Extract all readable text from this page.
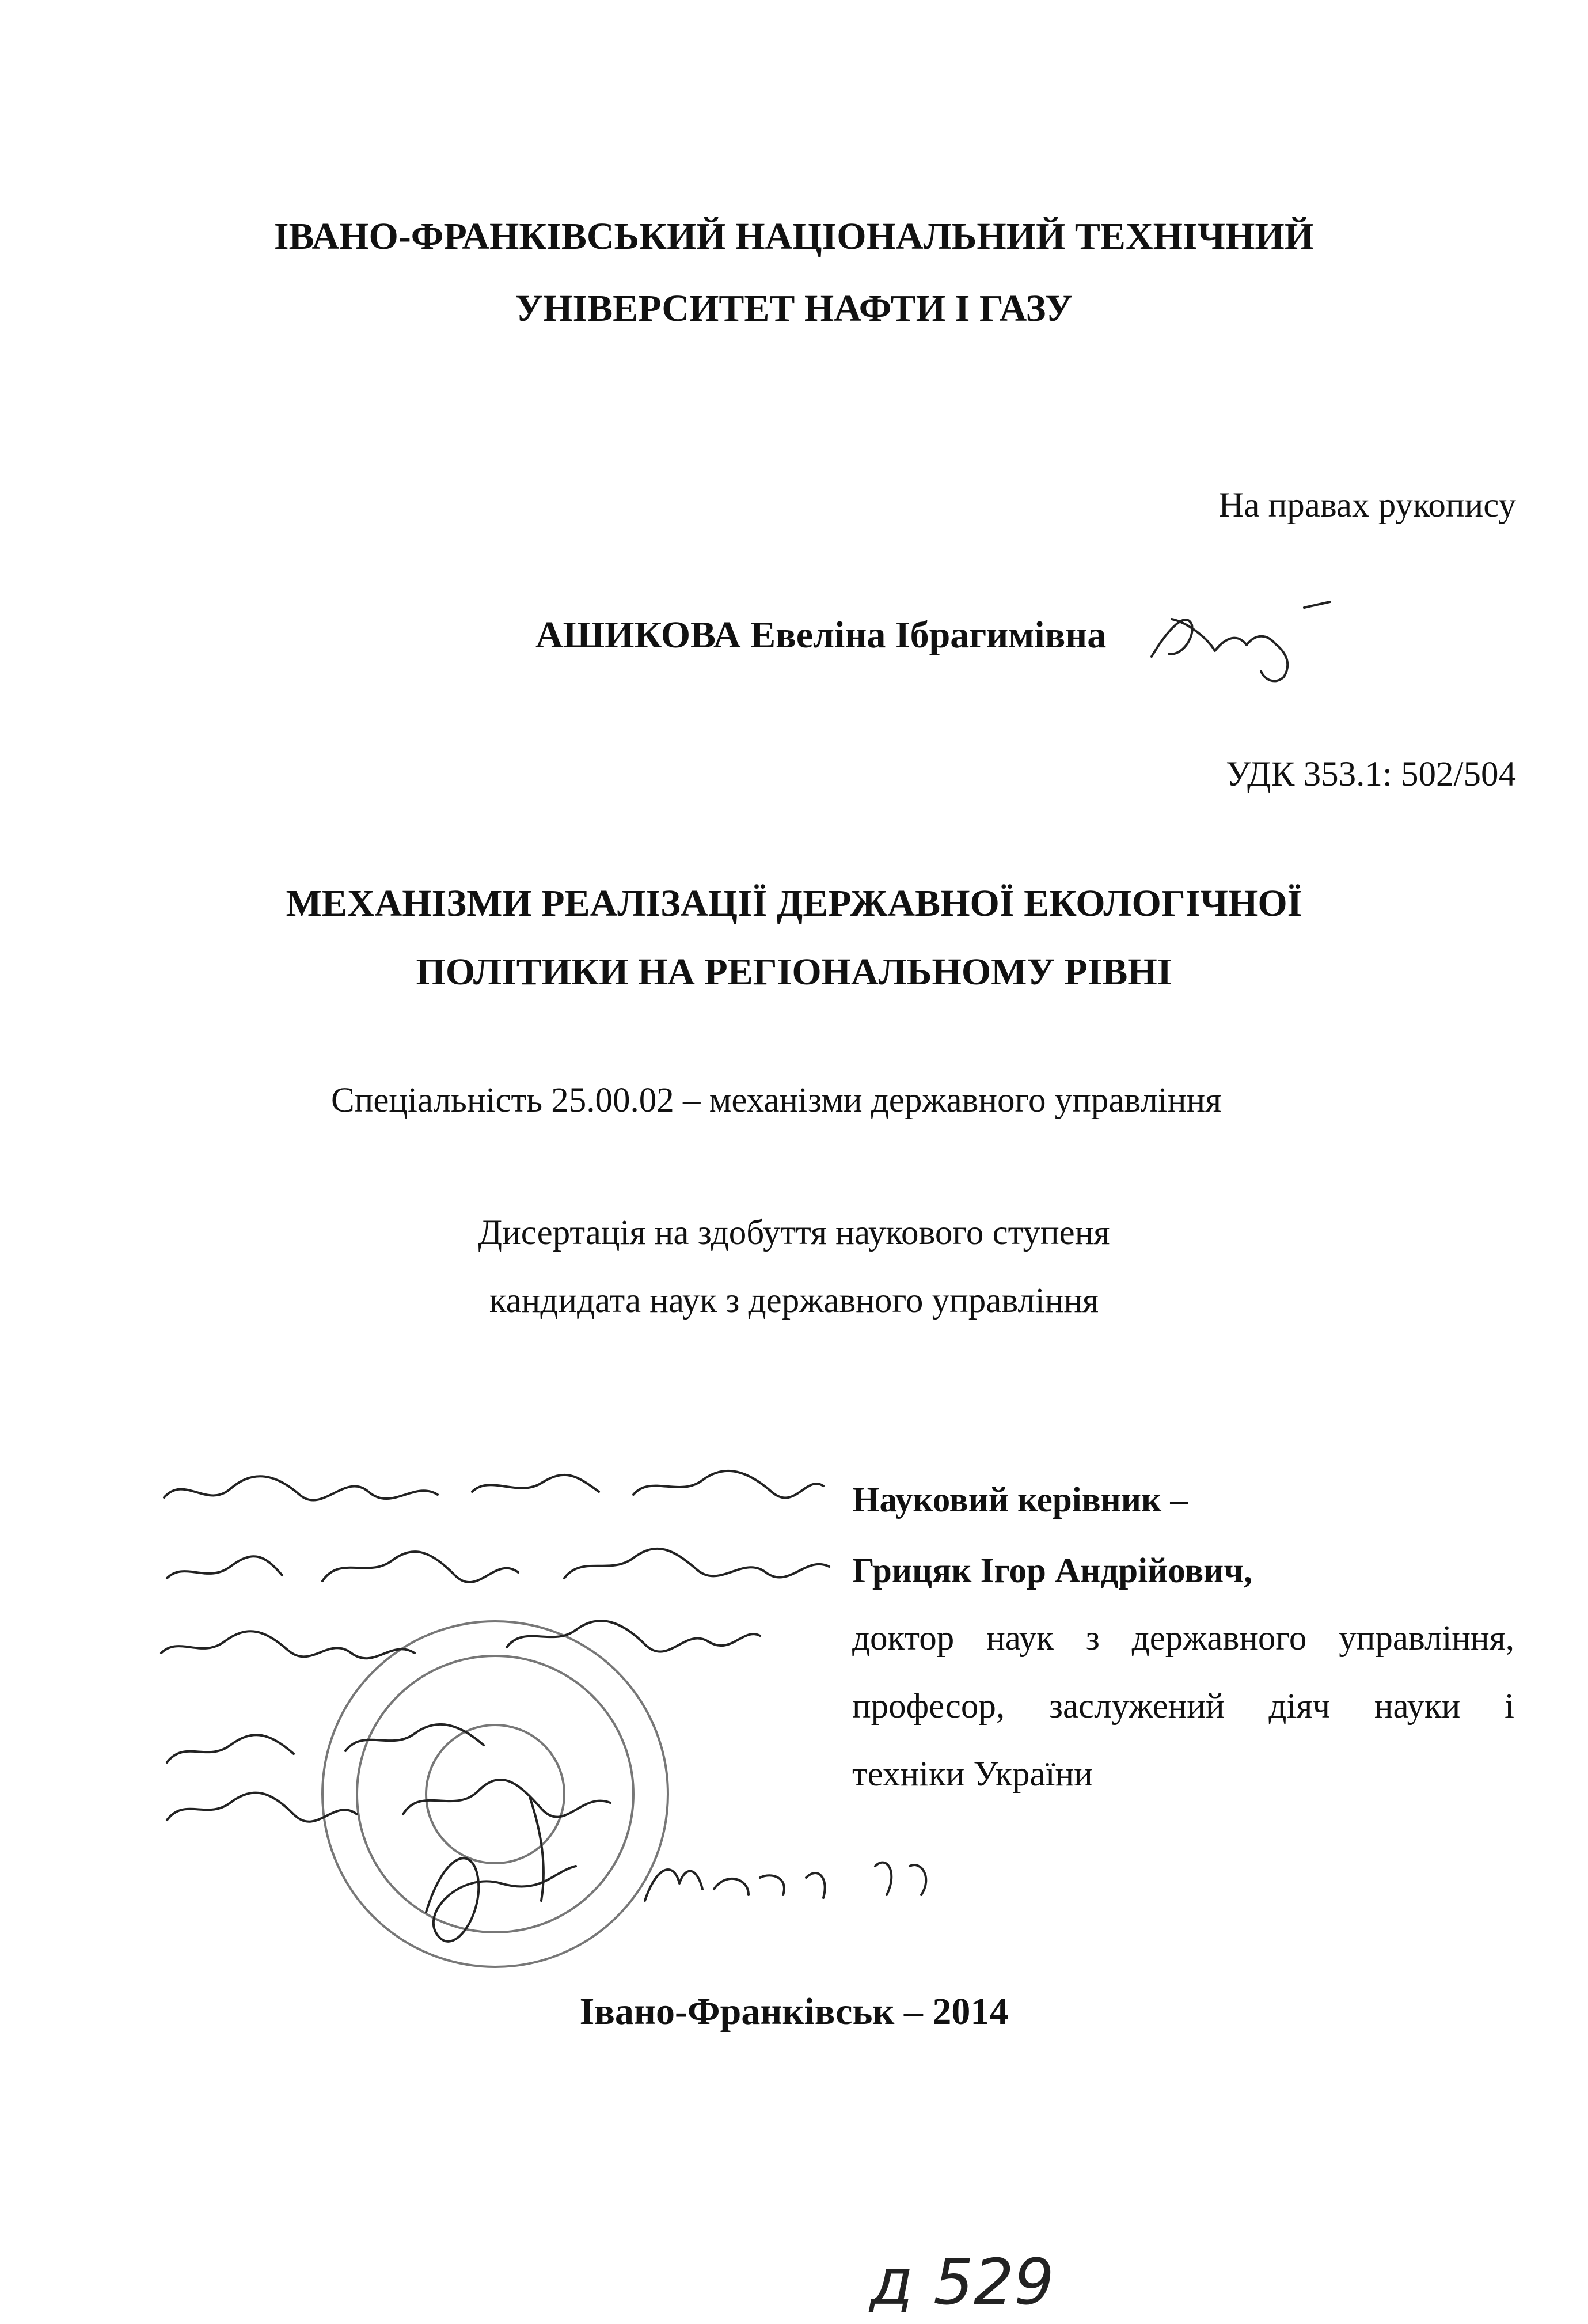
ІВАНО-ФРАНКІВСЬКИЙ НАЦІОНАЛЬНИЙ ТЕХНІЧНИЙ
УНІВЕРСИТЕТ НАФТИ І ГАЗУ
На правах рукопису
АШИКОВА Евеліна Ібрагимівна
УДК 353.1: 502/504
МЕХАНІЗМИ РЕАЛІЗАЦІЇ ДЕРЖАВНОЇ ЕКОЛОГІЧНОЇ
ПОЛІТИКИ НА РЕГІОНАЛЬНОМУ РІВНІ
Спеціальність 25.00.02 – механізми державного управління
Дисертація на здобуття наукового ступеня
кандидата наук з державного управління
Науковий керівник –
Грицяк Ігор Андрійович,
доктор наук з державного управління,
професор, заслужений діяч науки і
техніки України
Івано-Франківськ – 2014
д 529
